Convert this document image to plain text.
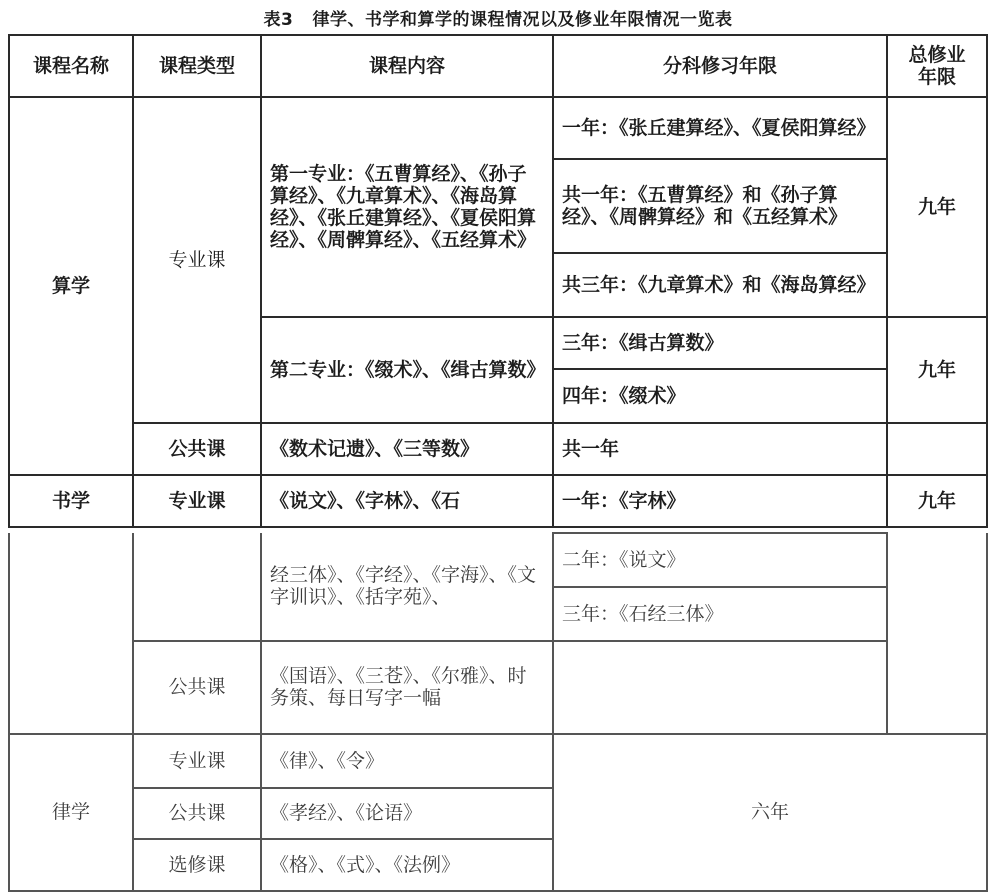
表3   律学、书学和算学的课程情况以及修业年限情况一览表
课程名称	课程类型	课程内容	分科修习年限	总修业年限
算学	专业课	第一专业：《五曹算经》、《孙子算经》、《九章算术》、《海岛算经》、《张丘建算经》、《夏侯阳算经》、《周髀算经》、《五经算术》	一年：《张丘建算经》、《夏侯阳算经》	九年
			共一年：《五曹算经》和《孙子算经》、《周髀算经》和《五经算术》	
			共三年：《九章算术》和《海岛算经》	
		第二专业：《缀术》、《缉古算数》	三年：《缉古算数》	九年
			四年：《缀术》	
	公共课	《数术记遗》、《三等数》	共一年	
书学	专业课	《说文》、《字林》、《石	一年：《字林》	九年
		经三体》、《字经》、《字海》、《文字训识》、《括字苑》、	二年：《说文》	
			三年：《石经三体》	
	公共课	《国语》、《三苍》、《尔雅》、时务策、每日写字一幅		
律学	专业课	《律》、《令》	六年	
	公共课	《孝经》、《论语》		
	选修课	《格》、《式》、《法例》		
